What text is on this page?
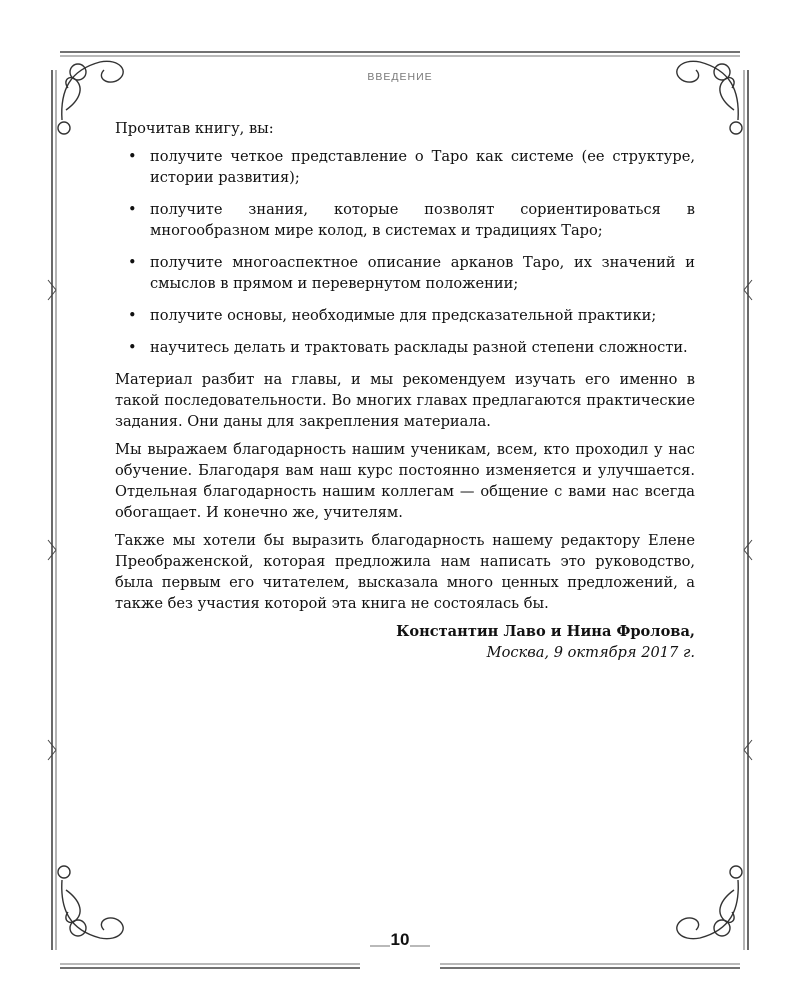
ВВЕДЕНИЕ

Прочитав книгу, вы:

• получите четкое представление о Таро как системе (ее структуре, истории развития);
• получите знания, которые позволят сориентироваться в многообразном мире колод, в системах и традициях Таро;
• получите многоаспектное описание арканов Таро, их значений и смыслов в прямом и перевернутом положении;
• получите основы, необходимые для предсказательной практики;
• научитесь делать и трактовать расклады разной степени сложности.

Материал разбит на главы, и мы рекомендуем изучать его именно в такой последовательности. Во многих главах предлагаются практические задания. Они даны для закрепления материала.

Мы выражаем благодарность нашим ученикам, всем, кто проходил у нас обучение. Благодаря вам наш курс постоянно изменяется и улучшается. Отдельная благодарность нашим коллегам — общение с вами нас всегда обогащает. И конечно же, учителям.

Также мы хотели бы выразить благодарность нашему редактору Елене Преображенской, которая предложила нам написать это руководство, была первым его читателем, высказала много ценных предложений, а также без участия которой эта книга не состоялась бы.

Константин Лаво и Нина Фролова,
Москва, 9 октября 2017 г.
10
